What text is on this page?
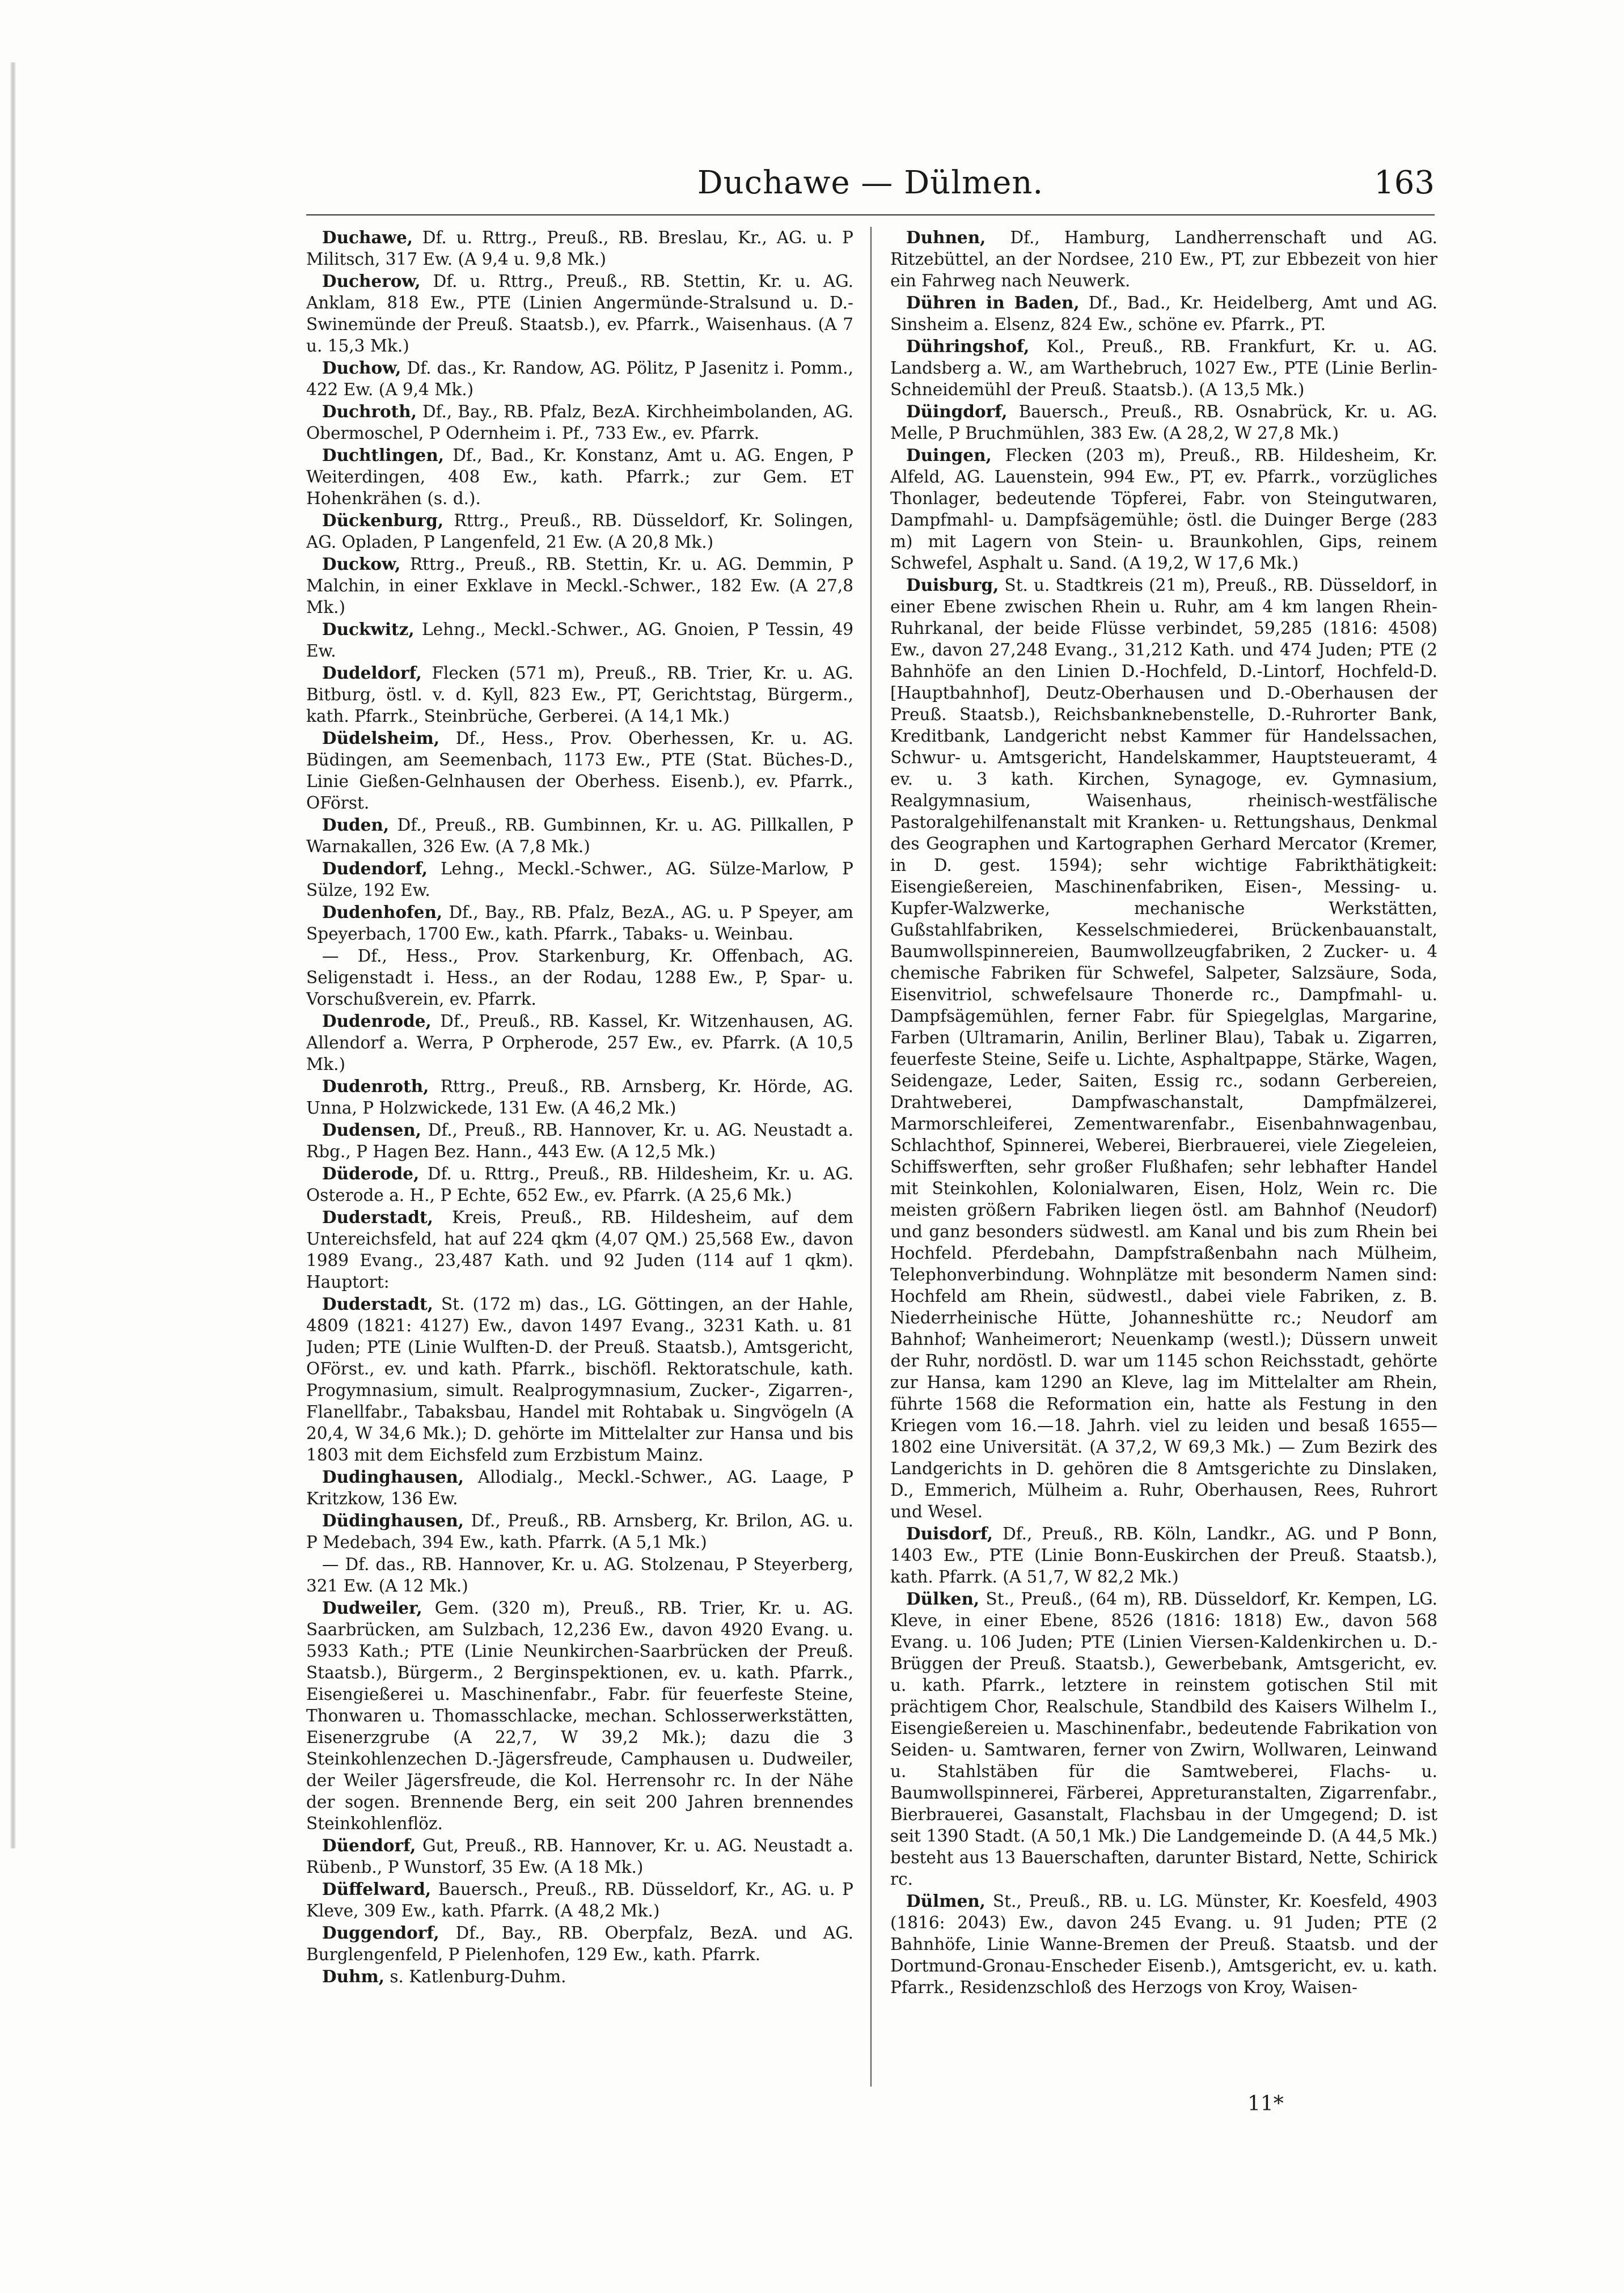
Duchawe — Dülmen.	163

Duchawe, Df. u. Rttrg., Preuß., RB. Breslau, Kr., AG. u. P Militsch, 317 Ew. (A 9,4 u. 9,8 Mk.)

Ducherow, Df. u. Rttrg., Preuß., RB. Stettin, Kr. u. AG. Anklam, 818 Ew., PTE (Linien Angermünde-Stralsund u. D.-Swinemünde der Preuß. Staatsb.), ev. Pfarrk., Waisenhaus. (A 7 u. 15,3 Mk.)

Duchow, Df. das., Kr. Randow, AG. Pölitz, P Jasenitz i. Pomm., 422 Ew. (A 9,4 Mk.)

Duchroth, Df., Bay., RB. Pfalz, BezA. Kirchheimbolanden, AG. Obermoschel, P Odernheim i. Pf., 733 Ew., ev. Pfarrk.

Duchtlingen, Df., Bad., Kr. Konstanz, Amt u. AG. Engen, P Weiterdingen, 408 Ew., kath. Pfarrk.; zur Gem. ET Hohenkrähen (s. d.).

Dückenburg, Rttrg., Preuß., RB. Düsseldorf, Kr. Solingen, AG. Opladen, P Langenfeld, 21 Ew. (A 20,8 Mk.)

Duckow, Rttrg., Preuß., RB. Stettin, Kr. u. AG. Demmin, P Malchin, in einer Exklave in Meckl.-Schwer., 182 Ew. (A 27,8 Mk.)

Duckwitz, Lehng., Meckl.-Schwer., AG. Gnoien, P Tessin, 49 Ew.

Dudeldorf, Flecken (571 m), Preuß., RB. Trier, Kr. u. AG. Bitburg, östl. v. d. Kyll, 823 Ew., PT, Gerichtstag, Bürgerm., kath. Pfarrk., Steinbrüche, Gerberei. (A 14,1 Mk.)

Düdelsheim, Df., Hess., Prov. Oberhessen, Kr. u. AG. Büdingen, am Seemenbach, 1173 Ew., PTE (Stat. Büches-D., Linie Gießen-Gelnhausen der Oberhess. Eisenb.), ev. Pfarrk., OFörst.

Duden, Df., Preuß., RB. Gumbinnen, Kr. u. AG. Pillkallen, P Warnakallen, 326 Ew. (A 7,8 Mk.)

Dudendorf, Lehng., Meckl.-Schwer., AG. Sülze-Marlow, P Sülze, 192 Ew.

Dudenhofen, Df., Bay., RB. Pfalz, BezA., AG. u. P Speyer, am Speyerbach, 1700 Ew., kath. Pfarrk., Tabaks- u. Weinbau.

— Df., Hess., Prov. Starkenburg, Kr. Offenbach, AG. Seligenstadt i. Hess., an der Rodau, 1288 Ew., P, Spar- u. Vorschußverein, ev. Pfarrk.

Dudenrode, Df., Preuß., RB. Kassel, Kr. Witzenhausen, AG. Allendorf a. Werra, P Orpherode, 257 Ew., ev. Pfarrk. (A 10,5 Mk.)

Dudenroth, Rttrg., Preuß., RB. Arnsberg, Kr. Hörde, AG. Unna, P Holzwickede, 131 Ew. (A 46,2 Mk.)

Dudensen, Df., Preuß., RB. Hannover, Kr. u. AG. Neustadt a. Rbg., P Hagen Bez. Hann., 443 Ew. (A 12,5 Mk.)

Düderode, Df. u. Rttrg., Preuß., RB. Hildesheim, Kr. u. AG. Osterode a. H., P Echte, 652 Ew., ev. Pfarrk. (A 25,6 Mk.)

Duderstadt, Kreis, Preuß., RB. Hildesheim, auf dem Untereichsfeld, hat auf 224 qkm (4,07 QM.) 25,568 Ew., davon 1989 Evang., 23,487 Kath. und 92 Juden (114 auf 1 qkm). Hauptort:

Duderstadt, St. (172 m) das., LG. Göttingen, an der Hahle, 4809 (1821: 4127) Ew., davon 1497 Evang., 3231 Kath. u. 81 Juden; PTE (Linie Wulften-D. der Preuß. Staatsb.), Amtsgericht, OFörst., ev. und kath. Pfarrk., bischöfl. Rektoratschule, kath. Progymnasium, simult. Realprogymnasium, Zucker-, Zigarren-, Flanellfabr., Tabaksbau, Handel mit Rohtabak u. Singvögeln (A 20,4, W 34,6 Mk.); D. gehörte im Mittelalter zur Hansa und bis 1803 mit dem Eichsfeld zum Erzbistum Mainz.

Dudinghausen, Allodialg., Meckl.-Schwer., AG. Laage, P Kritzkow, 136 Ew.

Düdinghausen, Df., Preuß., RB. Arnsberg, Kr. Brilon, AG. u. P Medebach, 394 Ew., kath. Pfarrk. (A 5,1 Mk.)

— Df. das., RB. Hannover, Kr. u. AG. Stolzenau, P Steyerberg, 321 Ew. (A 12 Mk.)

Dudweiler, Gem. (320 m), Preuß., RB. Trier, Kr. u. AG. Saarbrücken, am Sulzbach, 12,236 Ew., davon 4920 Evang. u. 5933 Kath.; PTE (Linie Neunkirchen-Saarbrücken der Preuß. Staatsb.), Bürgerm., 2 Berginspektionen, ev. u. kath. Pfarrk., Eisengießerei u. Maschinenfabr., Fabr. für feuerfeste Steine, Thonwaren u. Thomasschlacke, mechan. Schlosserwerkstätten, Eisenerzgrube (A 22,7, W 39,2 Mk.); dazu die 3 Steinkohlenzechen D.-Jägersfreude, Camphausen u. Dudweiler, der Weiler Jägersfreude, die Kol. Herrensohr rc. In der Nähe der sogen. Brennende Berg, ein seit 200 Jahren brennendes Steinkohlenflöz.

Düendorf, Gut, Preuß., RB. Hannover, Kr. u. AG. Neustadt a. Rübenb., P Wunstorf, 35 Ew. (A 18 Mk.)

Düffelward, Bauersch., Preuß., RB. Düsseldorf, Kr., AG. u. P Kleve, 309 Ew., kath. Pfarrk. (A 48,2 Mk.)

Duggendorf, Df., Bay., RB. Oberpfalz, BezA. und AG. Burglengenfeld, P Pielenhofen, 129 Ew., kath. Pfarrk.

Duhm, s. Katlenburg-Duhm.

Duhnen, Df., Hamburg, Landherrenschaft und AG. Ritzebüttel, an der Nordsee, 210 Ew., PT, zur Ebbezeit von hier ein Fahrweg nach Neuwerk.

Dühren in Baden, Df., Bad., Kr. Heidelberg, Amt und AG. Sinsheim a. Elsenz, 824 Ew., schöne ev. Pfarrk., PT.

Dühringshof, Kol., Preuß., RB. Frankfurt, Kr. u. AG. Landsberg a. W., am Warthebruch, 1027 Ew., PTE (Linie Berlin-Schneidemühl der Preuß. Staatsb.). (A 13,5 Mk.)

Düingdorf, Bauersch., Preuß., RB. Osnabrück, Kr. u. AG. Melle, P Bruchmühlen, 383 Ew. (A 28,2, W 27,8 Mk.)

Duingen, Flecken (203 m), Preuß., RB. Hildesheim, Kr. Alfeld, AG. Lauenstein, 994 Ew., PT, ev. Pfarrk., vorzügliches Thonlager, bedeutende Töpferei, Fabr. von Steingutwaren, Dampfmahl- u. Dampfsägemühle; östl. die Duinger Berge (283 m) mit Lagern von Stein- u. Braunkohlen, Gips, reinem Schwefel, Asphalt u. Sand. (A 19,2, W 17,6 Mk.)

Duisburg, St. u. Stadtkreis (21 m), Preuß., RB. Düsseldorf, in einer Ebene zwischen Rhein u. Ruhr, am 4 km langen Rhein-Ruhrkanal, der beide Flüsse verbindet, 59,285 (1816: 4508) Ew., davon 27,248 Evang., 31,212 Kath. und 474 Juden; PTE (2 Bahnhöfe an den Linien D.-Hochfeld, D.-Lintorf, Hochfeld-D. [Hauptbahnhof], Deutz-Oberhausen und D.-Oberhausen der Preuß. Staatsb.), Reichsbanknebenstelle, D.-Ruhrorter Bank, Kreditbank, Landgericht nebst Kammer für Handelssachen, Schwur- u. Amtsgericht, Handelskammer, Hauptsteueramt, 4 ev. u. 3 kath. Kirchen, Synagoge, ev. Gymnasium, Realgymnasium, Waisenhaus, rheinisch-westfälische Pastoralgehilfenanstalt mit Kranken- u. Rettungshaus, Denkmal des Geographen und Kartographen Gerhard Mercator (Kremer, in D. gest. 1594); sehr wichtige Fabrikthätigkeit: Eisengießereien, Maschinenfabriken, Eisen-, Messing- u. Kupfer-Walzwerke, mechanische Werkstätten, Gußstahlfabriken, Kesselschmiederei, Brückenbauanstalt, Baumwollspinnereien, Baumwollzeugfabriken, 2 Zucker- u. 4 chemische Fabriken für Schwefel, Salpeter, Salzsäure, Soda, Eisenvitriol, schwefelsaure Thonerde rc., Dampfmahl- u. Dampfsägemühlen, ferner Fabr. für Spiegelglas, Margarine, Farben (Ultramarin, Anilin, Berliner Blau), Tabak u. Zigarren, feuerfeste Steine, Seife u. Lichte, Asphaltpappe, Stärke, Wagen, Seidengaze, Leder, Saiten, Essig rc., sodann Gerbereien, Drahtweberei, Dampfwaschanstalt, Dampfmälzerei, Marmorschleiferei, Zementwarenfabr., Eisenbahnwagenbau, Schlachthof, Spinnerei, Weberei, Bierbrauerei, viele Ziegeleien, Schiffswerften, sehr großer Flußhafen; sehr lebhafter Handel mit Steinkohlen, Kolonialwaren, Eisen, Holz, Wein rc. Die meisten größern Fabriken liegen östl. am Bahnhof (Neudorf) und ganz besonders südwestl. am Kanal und bis zum Rhein bei Hochfeld. Pferdebahn, Dampfstraßenbahn nach Mülheim, Telephonverbindung. Wohnplätze mit besonderm Namen sind: Hochfeld am Rhein, südwestl., dabei viele Fabriken, z. B. Niederrheinische Hütte, Johanneshütte rc.; Neudorf am Bahnhof; Wanheimerort; Neuenkamp (westl.); Düssern unweit der Ruhr, nordöstl. D. war um 1145 schon Reichsstadt, gehörte zur Hansa, kam 1290 an Kleve, lag im Mittelalter am Rhein, führte 1568 die Reformation ein, hatte als Festung in den Kriegen vom 16.—18. Jahrh. viel zu leiden und besaß 1655—1802 eine Universität. (A 37,2, W 69,3 Mk.) — Zum Bezirk des Landgerichts in D. gehören die 8 Amtsgerichte zu Dinslaken, D., Emmerich, Mülheim a. Ruhr, Oberhausen, Rees, Ruhrort und Wesel.

Duisdorf, Df., Preuß., RB. Köln, Landkr., AG. und P Bonn, 1403 Ew., PTE (Linie Bonn-Euskirchen der Preuß. Staatsb.), kath. Pfarrk. (A 51,7, W 82,2 Mk.)

Dülken, St., Preuß., (64 m), RB. Düsseldorf, Kr. Kempen, LG. Kleve, in einer Ebene, 8526 (1816: 1818) Ew., davon 568 Evang. u. 106 Juden; PTE (Linien Viersen-Kaldenkirchen u. D.-Brüggen der Preuß. Staatsb.), Gewerbebank, Amtsgericht, ev. u. kath. Pfarrk., letztere in reinstem gotischen Stil mit prächtigem Chor, Realschule, Standbild des Kaisers Wilhelm I., Eisengießereien u. Maschinenfabr., bedeutende Fabrikation von Seiden- u. Samtwaren, ferner von Zwirn, Wollwaren, Leinwand u. Stahlstäben für die Samtweberei, Flachs- u. Baumwollspinnerei, Färberei, Appreturanstalten, Zigarrenfabr., Bierbrauerei, Gasanstalt, Flachsbau in der Umgegend; D. ist seit 1390 Stadt. (A 50,1 Mk.) Die Landgemeinde D. (A 44,5 Mk.) besteht aus 13 Bauerschaften, darunter Bistard, Nette, Schirick rc.

Dülmen, St., Preuß., RB. u. LG. Münster, Kr. Koesfeld, 4903 (1816: 2043) Ew., davon 245 Evang. u. 91 Juden; PTE (2 Bahnhöfe, Linie Wanne-Bremen der Preuß. Staatsb. und der Dortmund-Gronau-Enscheder Eisenb.), Amtsgericht, ev. u. kath. Pfarrk., Residenzschloß des Herzogs von Kroy, Waisen-

11*
